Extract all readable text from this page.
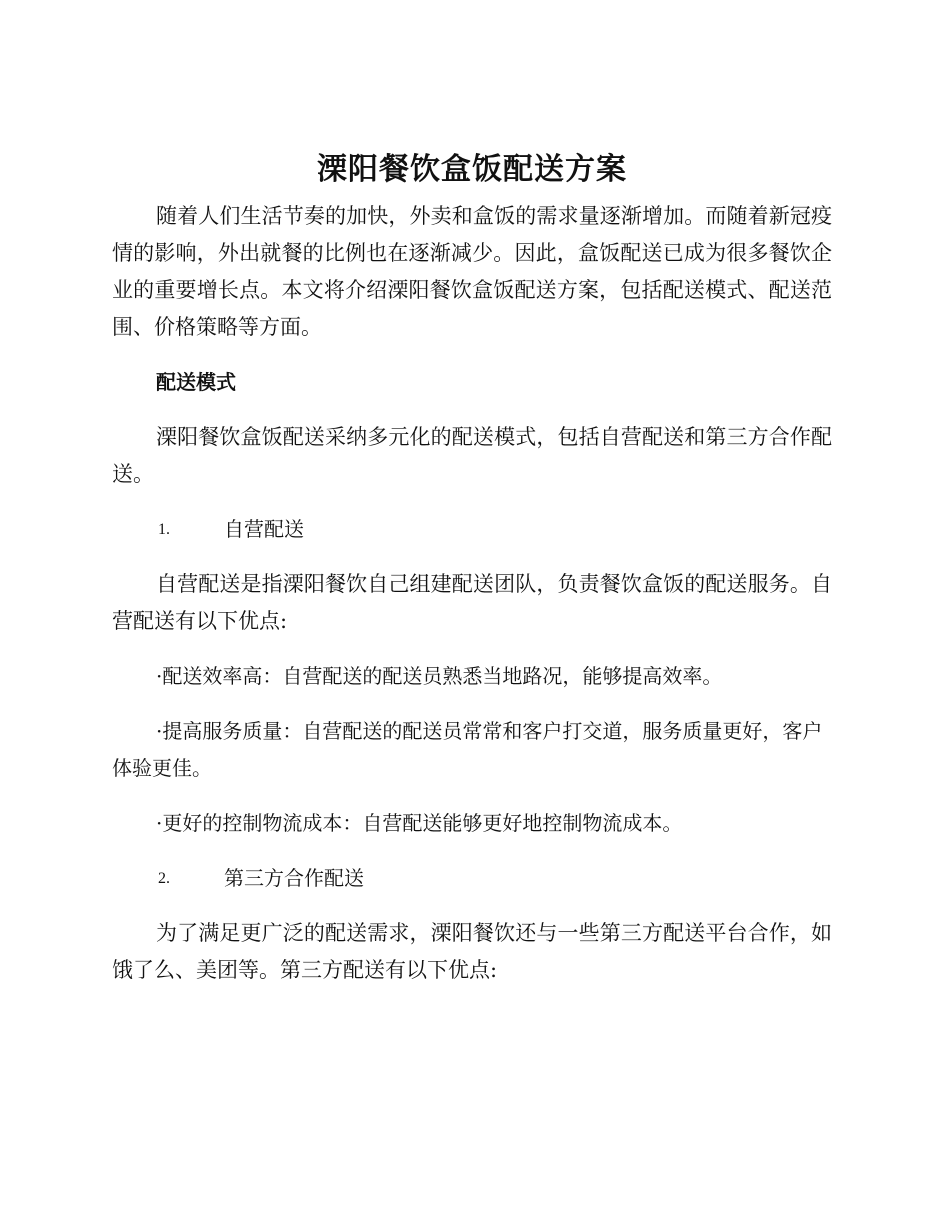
溧阳餐饮盒饭配送方案

随着人们生活节奏的加快，外卖和盒饭的需求量逐渐增加。而随着新冠疫情的影响，外出就餐的比例也在逐渐减少。因此，盒饭配送已成为很多餐饮企业的重要增长点。本文将介绍溧阳餐饮盒饭配送方案，包括配送模式、配送范围、价格策略等方面。

配送模式

溧阳餐饮盒饭配送采纳多元化的配送模式，包括自营配送和第三方合作配送。

1.	自营配送

自营配送是指溧阳餐饮自己组建配送团队，负责餐饮盒饭的配送服务。自营配送有以下优点:

·配送效率高：自营配送的配送员熟悉当地路况，能够提高效率。
·提高服务质量：自营配送的配送员常常和客户打交道，服务质量更好，客户体验更佳。
·更好的控制物流成本：自营配送能够更好地控制物流成本。
2.	第三方合作配送

为了满足更广泛的配送需求，溧阳餐饮还与一些第三方配送平台合作，如饿了么、美团等。第三方配送有以下优点:
